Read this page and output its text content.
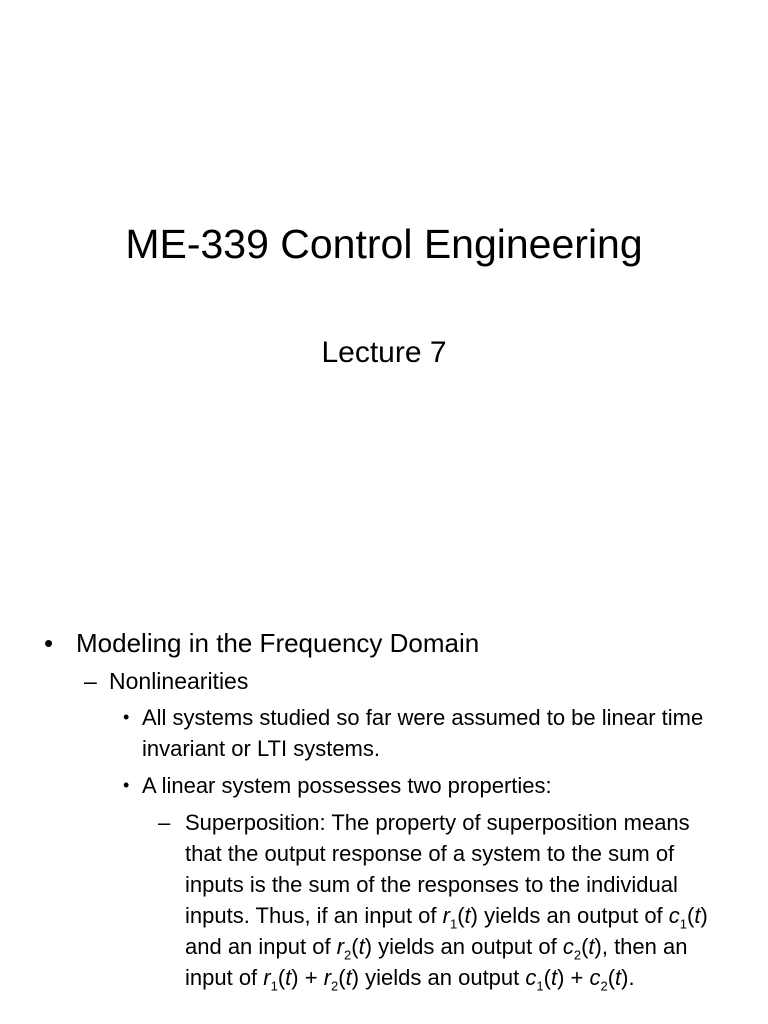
ME-339 Control Engineering
Lecture 7
• Modeling in the Frequency Domain
– Nonlinearities
• All systems studied so far were assumed to be linear time invariant or LTI systems.
• A linear system possesses two properties:
– Superposition: The property of superposition means that the output response of a system to the sum of inputs is the sum of the responses to the individual inputs. Thus, if an input of $r_1(t)$ yields an output of $c_1(t)$ and an input of $r_2(t)$ yields an output of $c_2(t)$, then an input of $r_1(t) + r_2(t)$ yields an output $c_1(t) + c_2(t)$.
